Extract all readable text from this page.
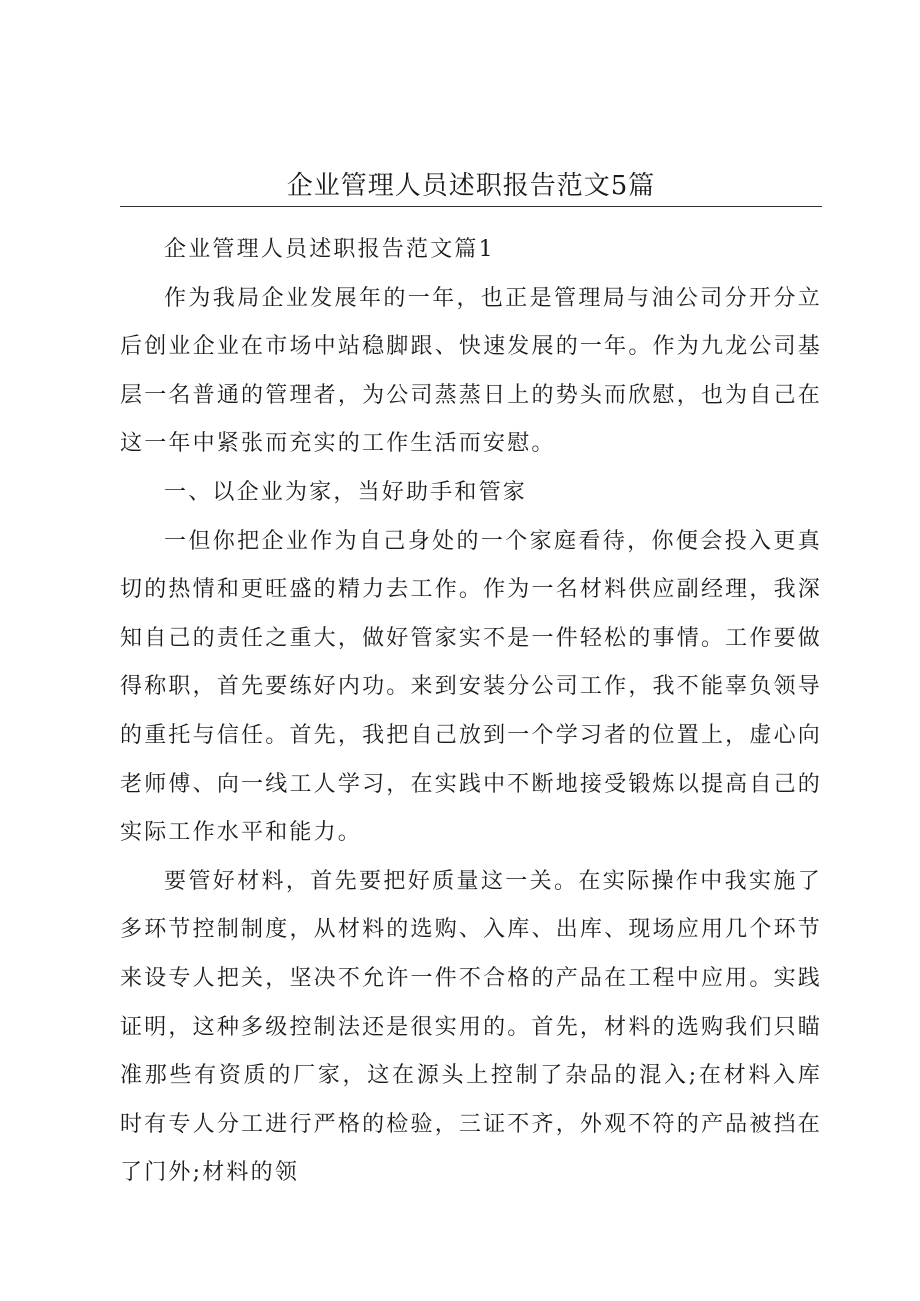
企业管理人员述职报告范文5篇

企业管理人员述职报告范文篇1

作为我局企业发展年的一年，也正是管理局与油公司分开分立后创业企业在市场中站稳脚跟、快速发展的一年。作为九龙公司基层一名普通的管理者，为公司蒸蒸日上的势头而欣慰，也为自己在这一年中紧张而充实的工作生活而安慰。

一、以企业为家，当好助手和管家

一但你把企业作为自己身处的一个家庭看待，你便会投入更真切的热情和更旺盛的精力去工作。作为一名材料供应副经理，我深知自己的责任之重大，做好管家实不是一件轻松的事情。工作要做得称职，首先要练好内功。来到安装分公司工作，我不能辜负领导的重托与信任。首先，我把自己放到一个学习者的位置上，虚心向老师傅、向一线工人学习，在实践中不断地接受锻炼以提高自己的实际工作水平和能力。

要管好材料，首先要把好质量这一关。在实际操作中我实施了多环节控制制度，从材料的选购、入库、出库、现场应用几个环节来设专人把关，坚决不允许一件不合格的产品在工程中应用。实践证明，这种多级控制法还是很实用的。首先，材料的选购我们只瞄准那些有资质的厂家，这在源头上控制了杂品的混入;在材料入库时有专人分工进行严格的检验，三证不齐，外观不符的产品被挡在了门外;材料的领
